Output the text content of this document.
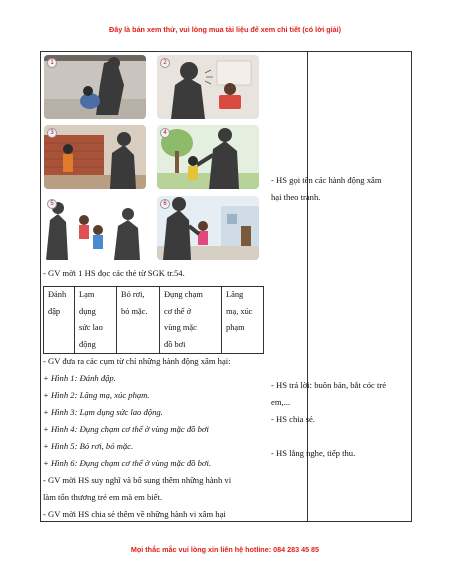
Đây là bản xem thử, vui lòng mua tài liệu để xem chi tiết (có lời giải)
1	2
3	4
5	6
- GV mời 1 HS đọc các thẻ từ SGK tr.54.
Đánh
đập

Lạm
dụng
sức lao
động

Bỏ rơi,
bỏ mặc.

Đụng chạm
cơ thể ở
vùng mặc
đồ bơi

Lăng
mạ, xúc
phạm
- GV đưa ra các cụm từ chỉ những hành động xâm hại:
+ Hình 1: Đánh đập.
+ Hình 2: Lăng mạ, xúc phạm.
+ Hình 3: Lạm dụng sức lao động.
+ Hình 4: Đụng chạm cơ thể ở vùng mặc đồ bơi
+ Hình 5: Bỏ rơi, bỏ mặc.
+ Hình 6: Đụng chạm cơ thể ở vùng mặc đồ bơi.
- GV mời HS suy nghĩ và bổ sung thêm những hành vi
làm tổn thương trẻ em mà em biết.
- GV mời HS chia sẻ thêm về những hành vi xâm hại
- HS gọi tên các hành động xâm
hại theo tranh.
- HS trả lời: buôn bán, bắt cóc trẻ
em,...
- HS chia sẻ.
- HS lắng nghe, tiếp thu.
Mọi thắc mắc vui lòng xin liên hệ hotline: 084 283 45 85
